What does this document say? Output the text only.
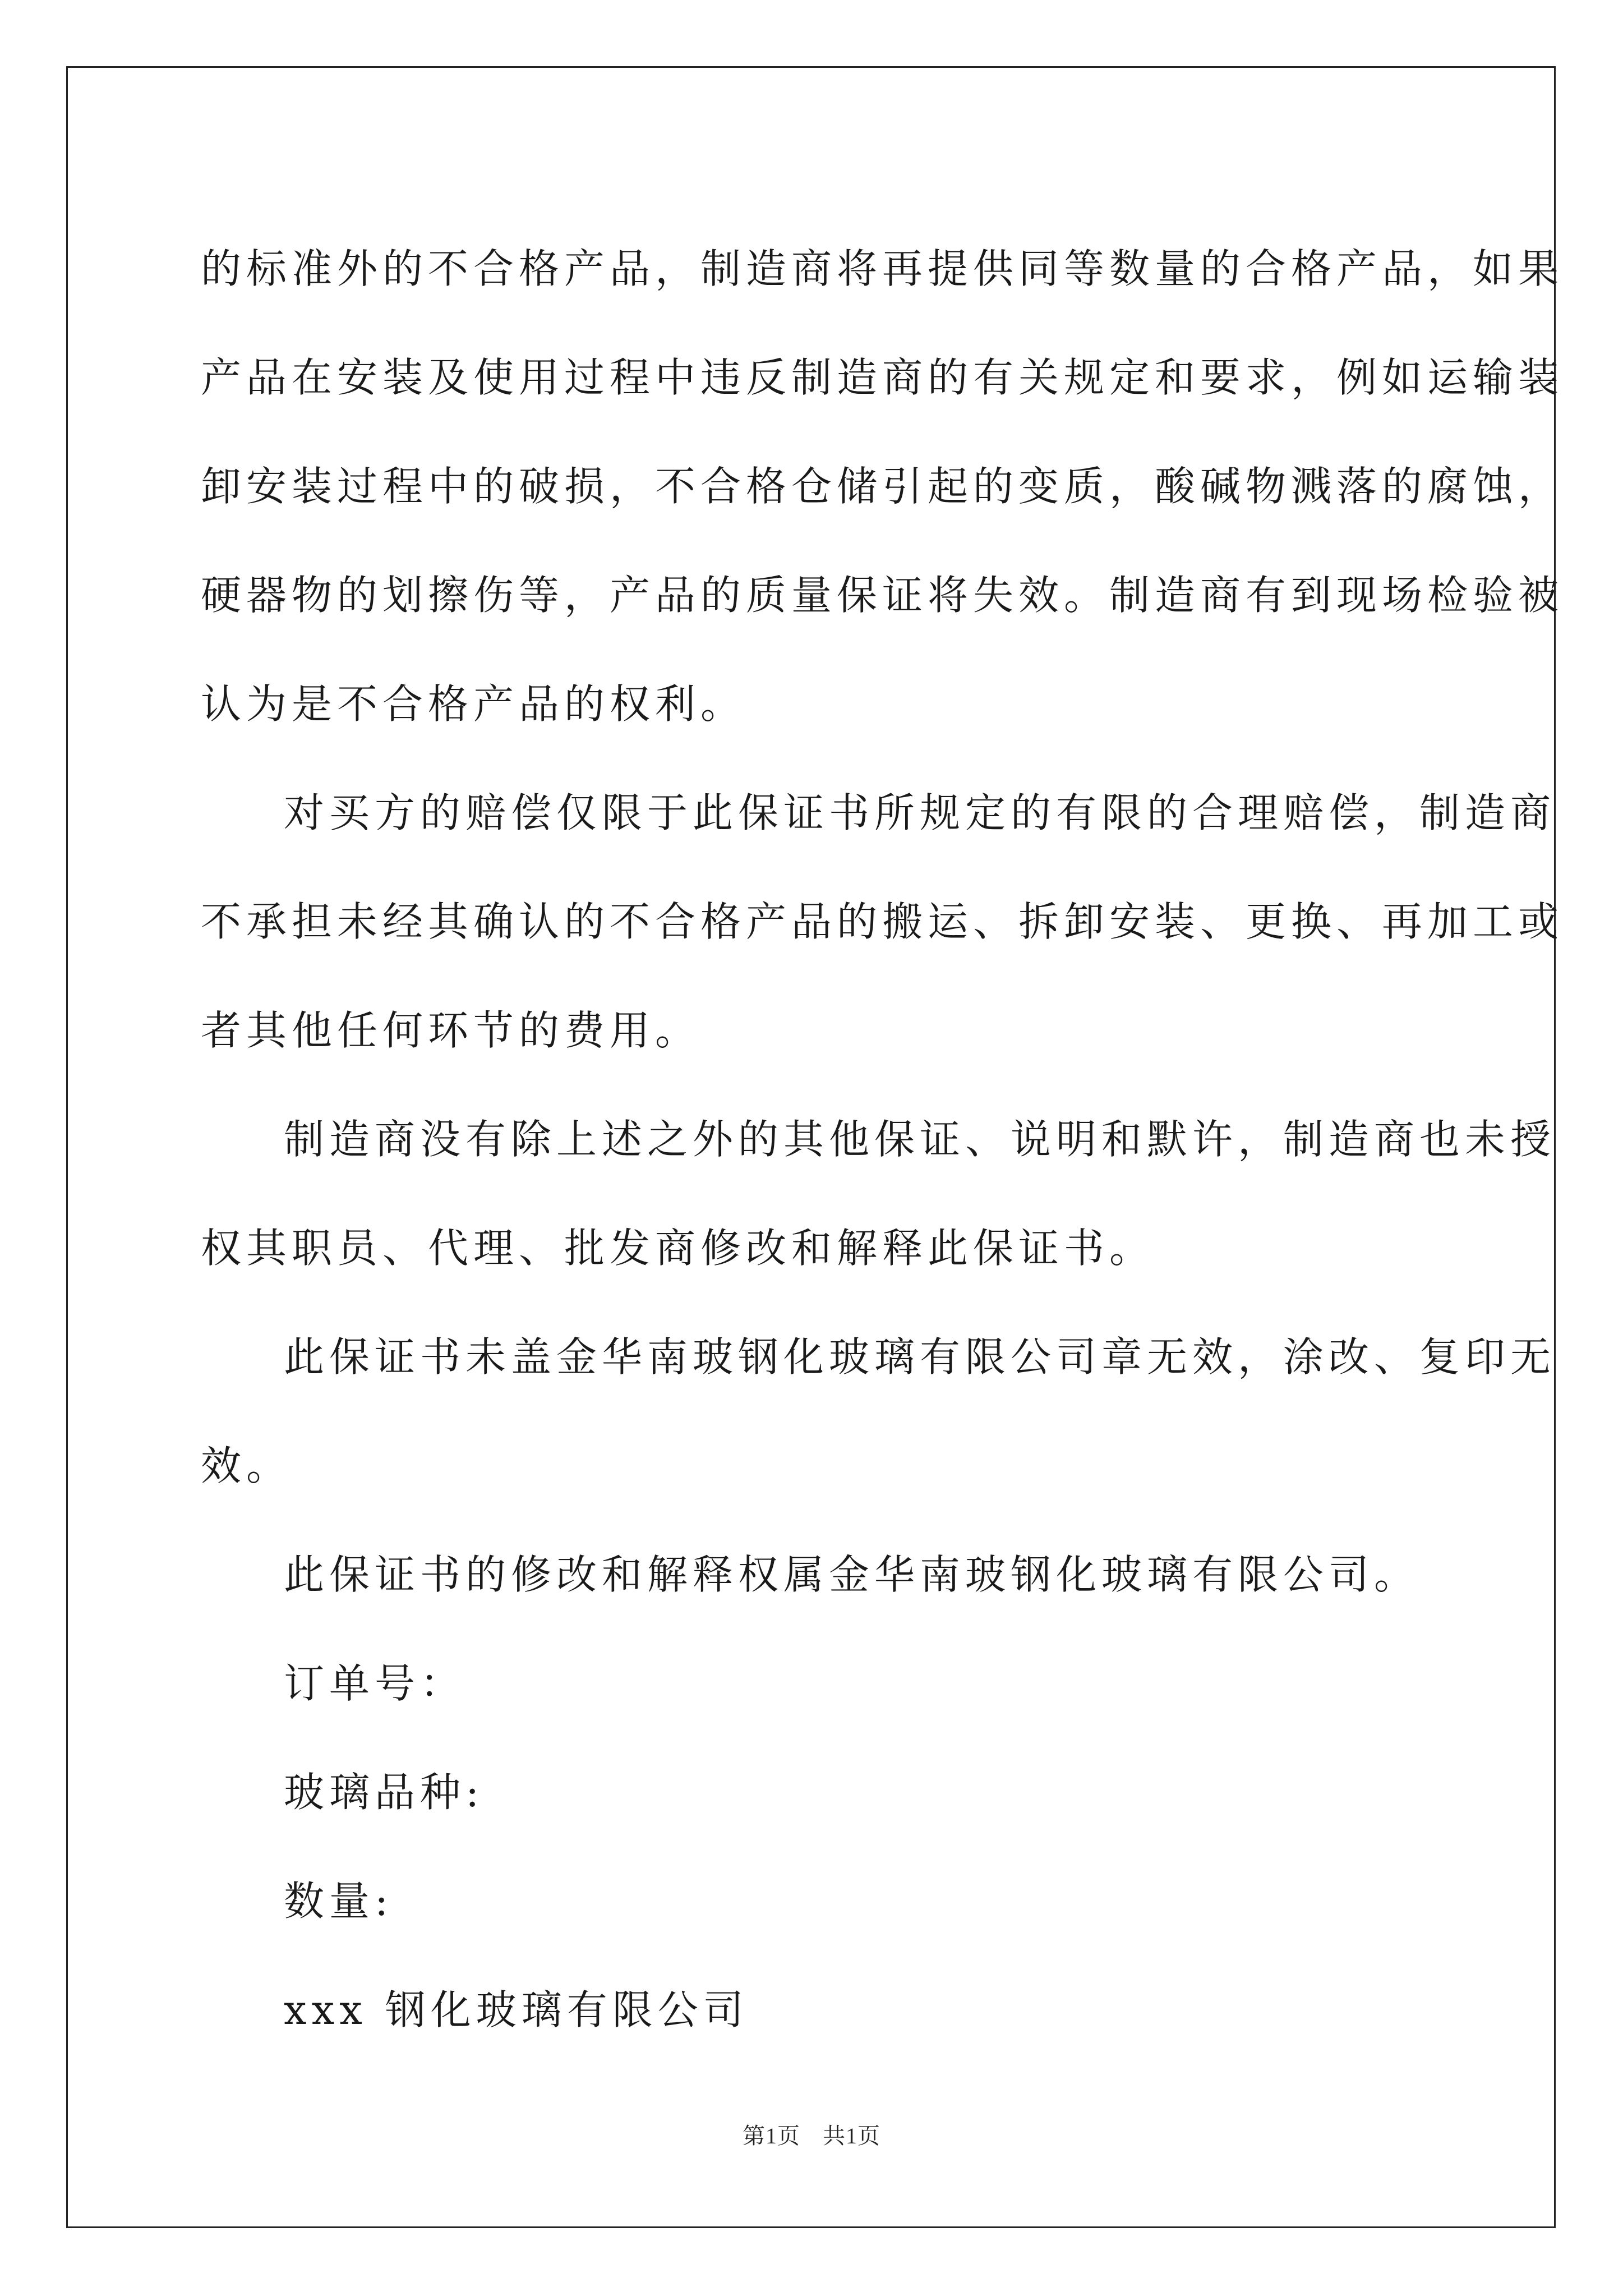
的标准外的不合格产品，制造商将再提供同等数量的合格产品，如果
产品在安装及使用过程中违反制造商的有关规定和要求，例如运输装
卸安装过程中的破损，不合格仓储引起的变质，酸碱物溅落的腐蚀，
硬器物的划擦伤等，产品的质量保证将失效。制造商有到现场检验被
认为是不合格产品的权利。
对买方的赔偿仅限于此保证书所规定的有限的合理赔偿，制造商
不承担未经其确认的不合格产品的搬运、拆卸安装、更换、再加工或
者其他任何环节的费用。
制造商没有除上述之外的其他保证、说明和默许，制造商也未授
权其职员、代理、批发商修改和解释此保证书。
此保证书未盖金华南玻钢化玻璃有限公司章无效，涂改、复印无
效。
此保证书的修改和解释权属金华南玻钢化玻璃有限公司。
订单号：
玻璃品种:
数量:
xxx 钢化玻璃有限公司
第1页 共1页
